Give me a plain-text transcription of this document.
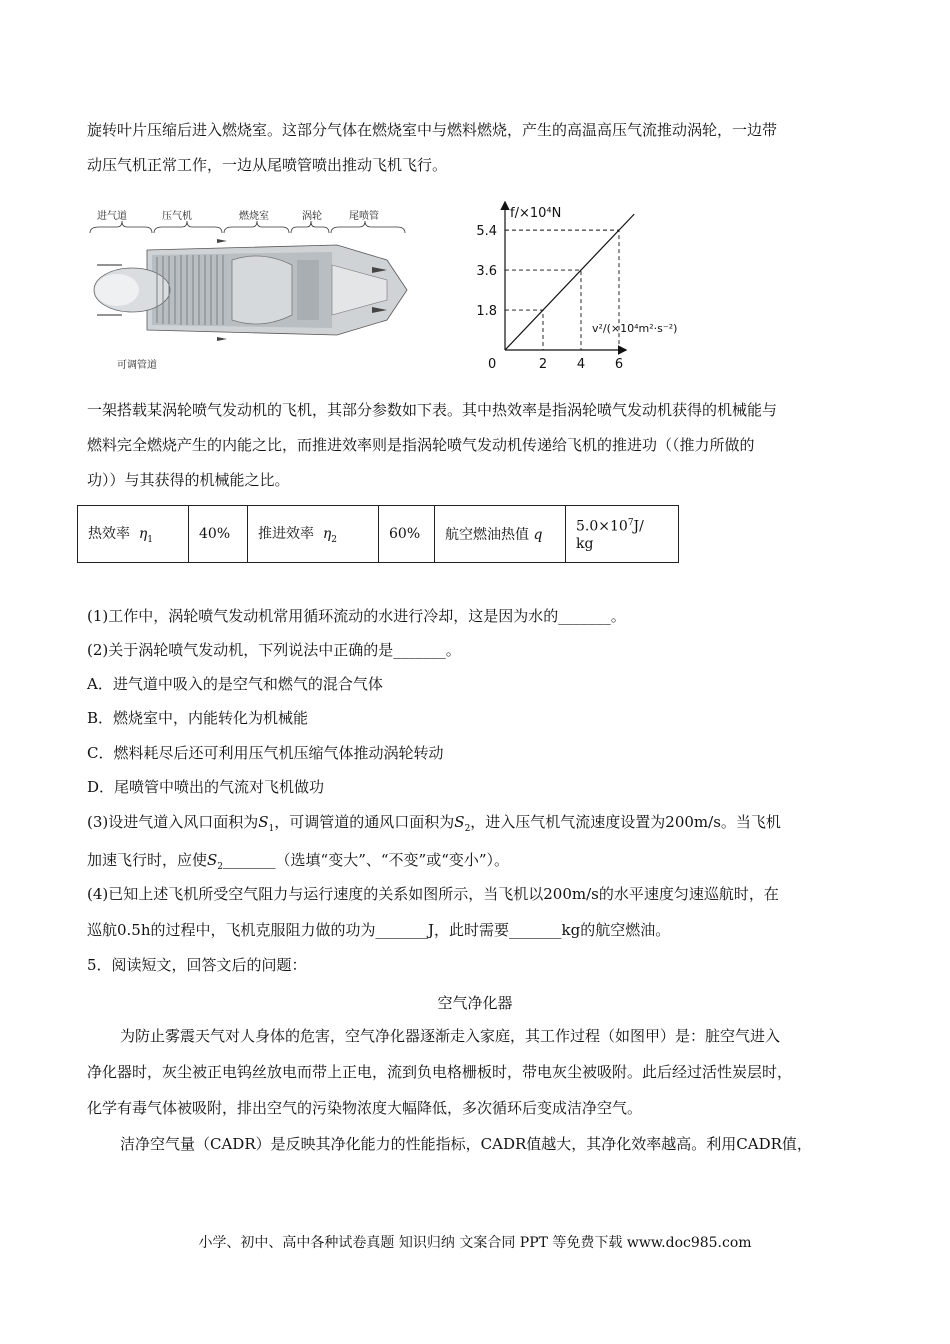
旋转叶片压缩后进入燃烧室。这部分气体在燃烧室中与燃料燃烧，产生的高温高压气流推动涡轮，一边带
动压气机正常工作，一边从尾喷管喷出推动飞机飞行。
进气道	压气机	燃烧室	涡轮	尾喷管
可调管道
f/×10⁴N
v²/(×10⁴m²·s⁻²)
0	2 4 6
1.8
3.6
5.4
一架搭载某涡轮喷气发动机的飞机，其部分参数如下表。其中热效率是指涡轮喷气发动机获得的机械能与
燃料完全燃烧产生的内能之比，而推进效率则是指涡轮喷气发动机传递给飞机的推进功（（推力所做的
功））与其获得的机械能之比。
热效率 $\eta_1$	40%	推进效率 $\eta_2$	60%	航空燃油热值 q	$5.0\times 10^7J/$
kg
(1)工作中，涡轮喷气发动机常用循环流动的水进行冷却，这是因为水的_______。
(2)关于涡轮喷气发动机，下列说法中正确的是_______。
A．进气道中吸入的是空气和燃气的混合气体
B．燃烧室中，内能转化为机械能
C．燃料耗尽后还可利用压气机压缩气体推动涡轮转动
D．尾喷管中喷出的气流对飞机做功
(3)设进气道入风口面积为$S_1$，可调管道的通风口面积为$S_2$，进入压气机气流速度设置为200m/s。当飞机
加速飞行时，应使$S_2\_\_\_\_\_\_\_$（选填“变大”、“不变”或“变小”）。
(4)已知上述飞机所受空气阻力与运行速度的关系如图所示，当飞机以200m/s的水平速度匀速巡航时，在
巡航0.5h的过程中，飞机克服阻力做的功为_______J，此时需要_______kg的航空燃油。
5．阅读短文，回答文后的问题：
空气净化器
为防止雾震天气对人身体的危害，空气净化器逐渐走入家庭，其工作过程（如图甲）是：脏空气进入
净化器时，灰尘被正电钨丝放电而带上正电，流到负电格栅板时，带电灰尘被吸附。此后经过活性炭层时，
化学有毒气体被吸附，排出空气的污染物浓度大幅降低，多次循环后变成洁净空气。
洁净空气量（CADR）是反映其净化能力的性能指标，CADR值越大，其净化效率越高。利用CADR值，
小学、初中、高中各种试卷真题 知识归纳 文案合同 PPT 等免费下载 www.doc985.com
